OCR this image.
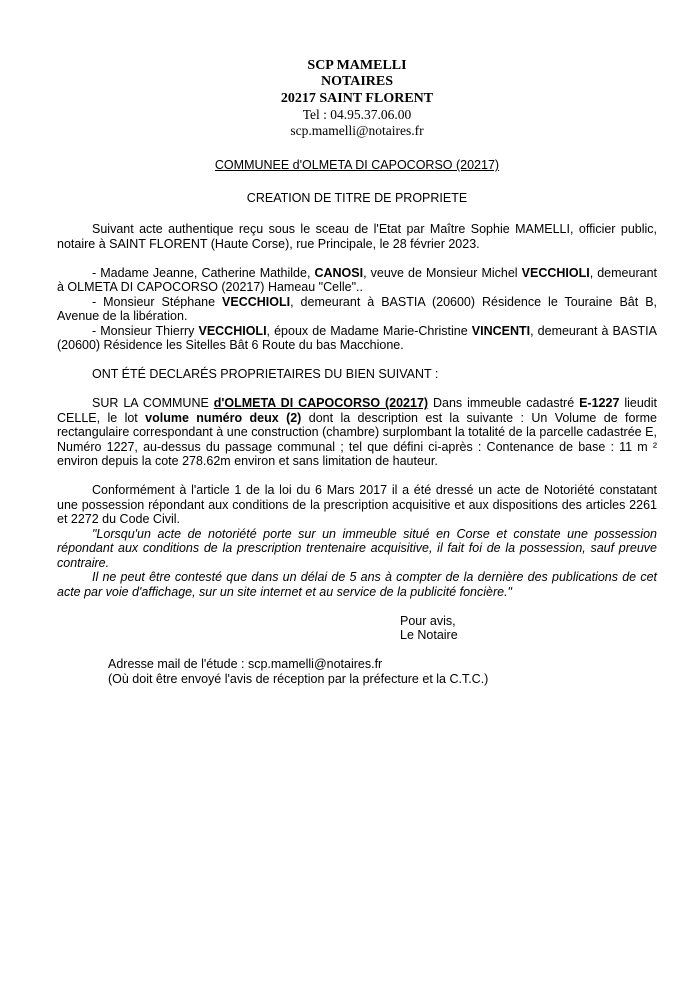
SCP MAMELLI
NOTAIRES
20217 SAINT FLORENT
Tel : 04.95.37.06.00
scp.mamelli@notaires.fr
COMMUNEE d'OLMETA DI CAPOCORSO (20217)
CREATION DE TITRE DE PROPRIETE

Suivant acte authentique reçu sous le sceau de l'Etat par Maître Sophie MAMELLI, officier public, notaire à SAINT FLORENT (Haute Corse), rue Principale, le 28 février 2023.

- Madame Jeanne, Catherine Mathilde, CANOSI, veuve de Monsieur Michel VECCHIOLI, demeurant à OLMETA DI CAPOCORSO (20217) Hameau "Celle"..

- Monsieur Stéphane VECCHIOLI, demeurant à BASTIA (20600) Résidence le Touraine Bât B, Avenue de la libération.

- Monsieur Thierry VECCHIOLI, époux de Madame Marie-Christine VINCENTI, demeurant à BASTIA (20600) Résidence les Sitelles Bât 6 Route du bas Macchione.

ONT ÉTÉ DECLARÉS PROPRIETAIRES DU BIEN SUIVANT :

SUR LA COMMUNE d'OLMETA DI CAPOCORSO (20217) Dans immeuble cadastré E-1227 lieudit CELLE, le lot volume numéro deux (2) dont la description est la suivante : Un Volume de forme rectangulaire correspondant à une construction (chambre) surplombant la totalité de la parcelle cadastrée E, Numéro 1227, au-dessus du passage communal ; tel que défini ci-après : Contenance de base : 11 m ² environ depuis la cote 278.62m environ et sans limitation de hauteur.

Conformément à l'article 1 de la loi du 6 Mars 2017 il a été dressé un acte de Notoriété constatant une possession répondant aux conditions de la prescription acquisitive et aux dispositions des articles 2261 et 2272 du Code Civil.

"Lorsqu'un acte de notoriété porte sur un immeuble situé en Corse et constate une possession répondant aux conditions de la prescription trentenaire acquisitive, il fait foi de la possession, sauf preuve contraire.

Il ne peut être contesté que dans un délai de 5 ans à compter de la dernière des publications de cet acte par voie d'affichage, sur un site internet et au service de la publicité foncière."

Pour avis,
Le Notaire
Adresse mail de l'étude : scp.mamelli@notaires.fr
(Où doit être envoyé l'avis de réception par la préfecture et la C.T.C.)
